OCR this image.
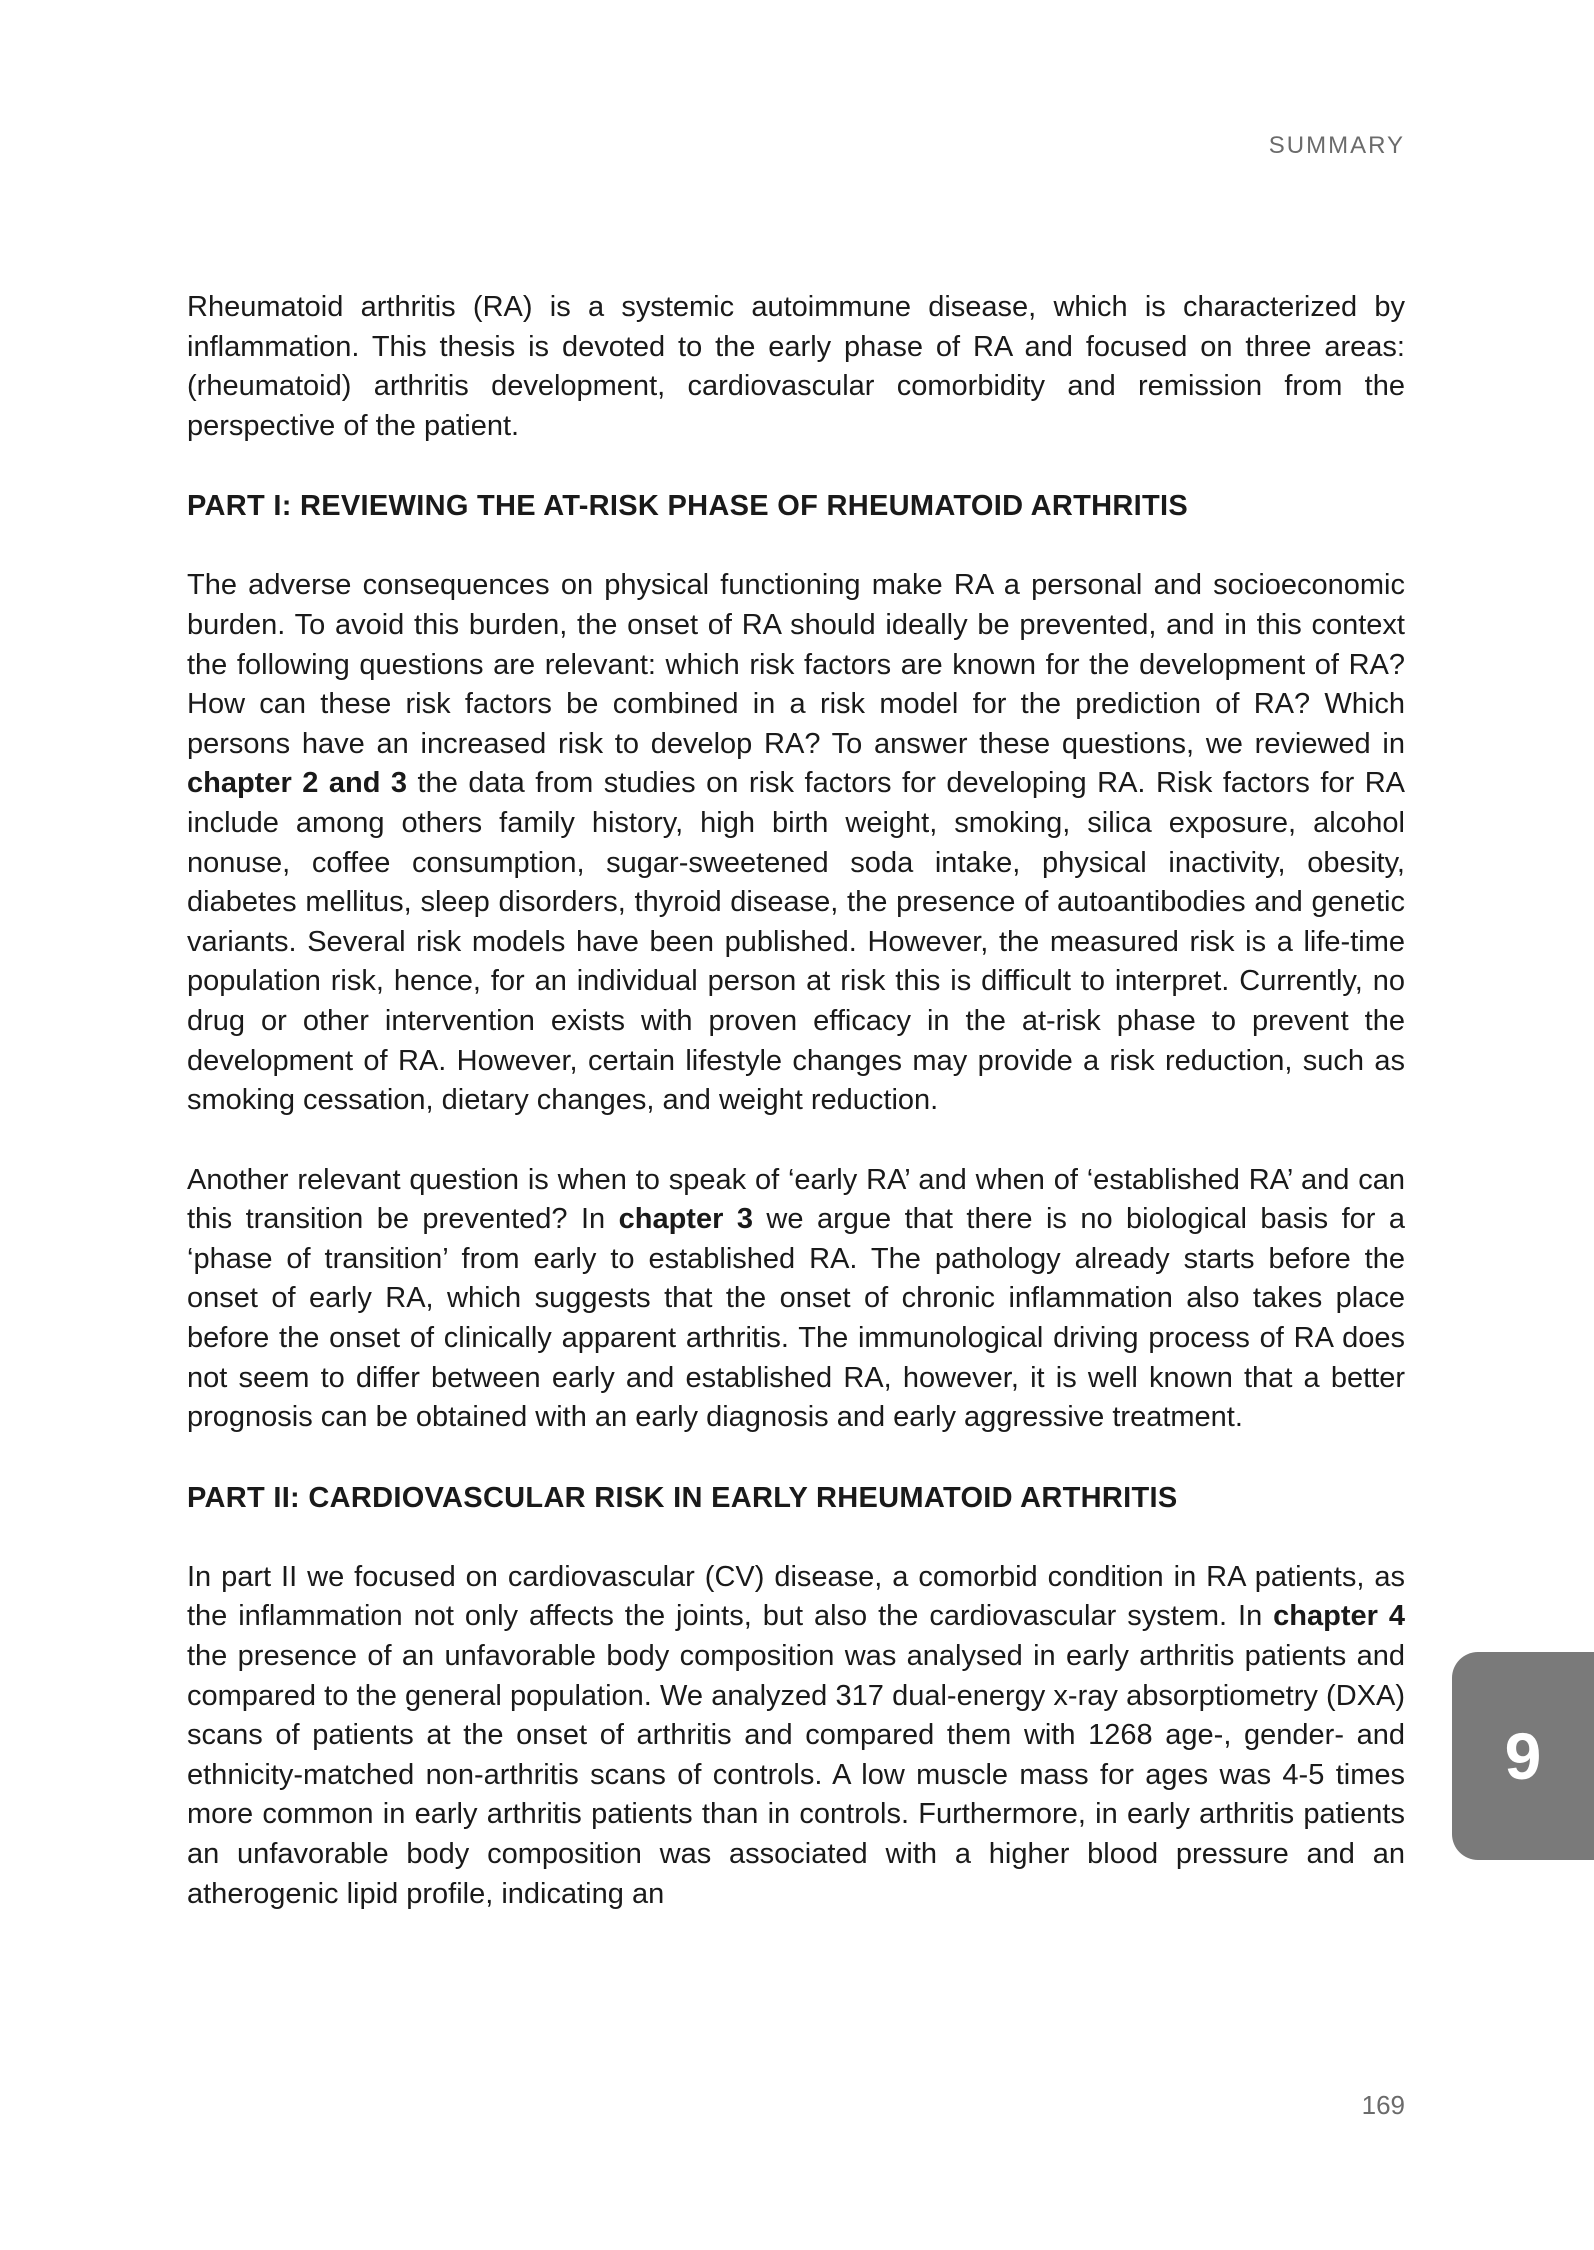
SUMMARY

Rheumatoid arthritis (RA) is a systemic autoimmune disease, which is characterized by inflammation. This thesis is devoted to the early phase of RA and focused on three areas: (rheumatoid) arthritis development, cardiovascular comorbidity and remission from the perspective of the patient.

PART I: REVIEWING THE AT-RISK PHASE OF RHEUMATOID ARTHRITIS

The adverse consequences on physical functioning make RA a personal and socioeconomic burden. To avoid this burden, the onset of RA should ideally be prevented, and in this context the following questions are relevant: which risk factors are known for the development of RA? How can these risk factors be combined in a risk model for the prediction of RA? Which persons have an increased risk to develop RA? To answer these questions, we reviewed in chapter 2 and 3 the data from studies on risk factors for developing RA. Risk factors for RA include among others family history, high birth weight, smoking, silica exposure, alcohol nonuse, coffee consumption, sugar-sweetened soda intake, physical inactivity, obesity, diabetes mellitus, sleep disorders, thyroid disease, the presence of autoantibodies and genetic variants. Several risk models have been published. However, the measured risk is a life-time population risk, hence, for an individual person at risk this is difficult to interpret. Currently, no drug or other intervention exists with proven efficacy in the at-risk phase to prevent the development of RA. However, certain lifestyle changes may provide a risk reduction, such as smoking cessation, dietary changes, and weight reduction.

Another relevant question is when to speak of ‘early RA’ and when of ‘established RA’ and can this transition be prevented? In chapter 3 we argue that there is no biological basis for a ‘phase of transition’ from early to established RA. The pathology already starts before the onset of early RA, which suggests that the onset of chronic inflammation also takes place before the onset of clinically apparent arthritis. The immunological driving process of RA does not seem to differ between early and established RA, however, it is well known that a better prognosis can be obtained with an early diagnosis and early aggressive treatment.

PART II: CARDIOVASCULAR RISK IN EARLY RHEUMATOID ARTHRITIS

In part II we focused on cardiovascular (CV) disease, a comorbid condition in RA patients, as the inflammation not only affects the joints, but also the cardiovascular system. In chapter 4 the presence of an unfavorable body composition was analysed in early arthritis patients and compared to the general population. We analyzed 317 dual-energy x-ray absorptiometry (DXA) scans of patients at the onset of arthritis and compared them with 1268 age-, gender- and ethnicity-matched non-arthritis scans of controls. A low muscle mass for ages was 4-5 times more common in early arthritis patients than in controls. Furthermore, in early arthritis patients an unfavorable body composition was associated with a higher blood pressure and an atherogenic lipid profile, indicating an

9
169
